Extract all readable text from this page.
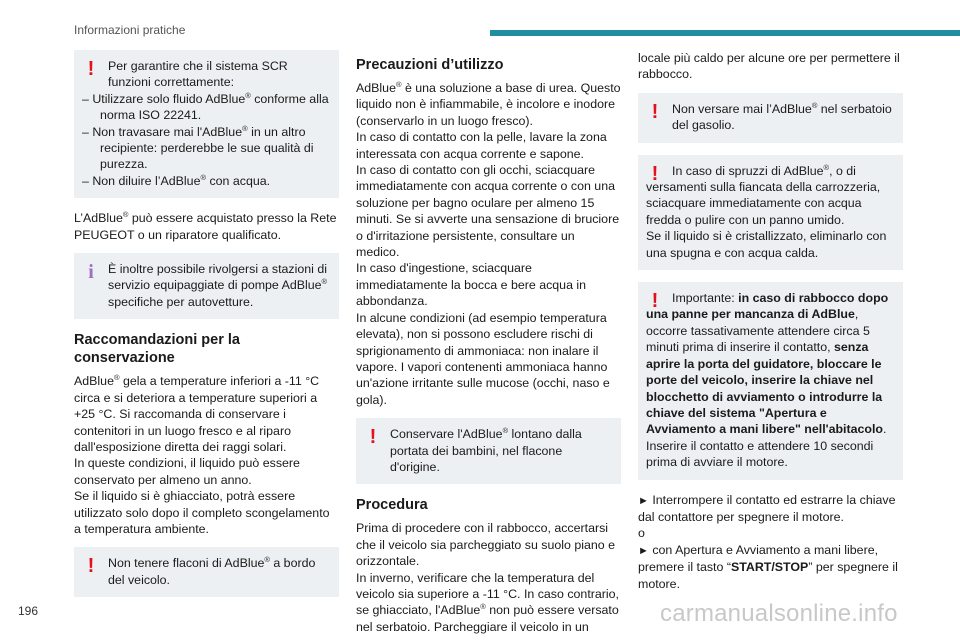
Informazioni pratiche
!	Per garantire che il sistema SCR funzioni correttamente:

– Utilizzare solo fluido AdBlue® conforme alla norma ISO 22241.

– Non travasare mai l'AdBlue® in un altro recipiente: perderebbe le sue qualità di purezza.

– Non diluire l’AdBlue® con acqua.

L’AdBlue® può essere acquistato presso la Rete PEUGEOT o un riparatore qualificato.

i	È inoltre possibile rivolgersi a stazioni di servizio equipaggiate di pompe AdBlue® specifiche per autovetture.
Raccomandazioni per la conservazione

AdBlue® gela a temperature inferiori a -11 °C circa e si deteriora a temperature superiori a +25 °C. Si raccomanda di conservare i contenitori in un luogo fresco e al riparo dall'esposizione diretta dei raggi solari.

In queste condizioni, il liquido può essere conservato per almeno un anno.

Se il liquido si è ghiacciato, potrà essere utilizzato solo dopo il completo scongelamento a temperatura ambiente.

!	Non tenere flaconi di AdBlue® a bordo del veicolo.
Precauzioni d’utilizzo

AdBlue® è una soluzione a base di urea. Questo liquido non è infiammabile, è incolore e inodore (conservarlo in un luogo fresco).

In caso di contatto con la pelle, lavare la zona interessata con acqua corrente e sapone.

In caso di contatto con gli occhi, sciacquare immediatamente con acqua corrente o con una soluzione per bagno oculare per almeno 15 minuti. Se si avverte una sensazione di bruciore o d'irritazione persistente, consultare un medico.

In caso d'ingestione, sciacquare immediatamente la bocca e bere acqua in abbondanza.

In alcune condizioni (ad esempio temperatura elevata), non si possono escludere rischi di sprigionamento di ammoniaca: non inalare il vapore. I vapori contenenti ammoniaca hanno un'azione irritante sulle mucose (occhi, naso e gola).

!	Conservare l'AdBlue® lontano dalla portata dei bambini, nel flacone d'origine.
Procedura

Prima di procedere con il rabbocco, accertarsi che il veicolo sia parcheggiato su suolo piano e orizzontale.

In inverno, verificare che la temperatura del veicolo sia superiore a -11 °C. In caso contrario, se ghiacciato, l'AdBlue® non può essere versato nel serbatoio. Parcheggiare il veicolo in un

locale più caldo per alcune ore per permettere il rabbocco.

!	Non versare mai l’AdBlue® nel serbatoio del gasolio.
!	In caso di spruzzi di AdBlue®, o di versamenti sulla fiancata della carrozzeria, sciacquare immediatamente con acqua fredda o pulire con un panno umido.

Se il liquido si è cristallizzato, eliminarlo con una spugna e con acqua calda.

!	Importante: in caso di rabbocco dopo una panne per mancanza di AdBlue, occorre tassativamente attendere circa 5 minuti prima di inserire il contatto, senza aprire la porta del guidatore, bloccare le porte del veicolo, inserire la chiave nel blocchetto di avviamento o introdurre la chiave del sistema "Apertura e Avviamento a mani libere" nell'abitacolo.

Inserire il contatto e attendere 10 secondi prima di avviare il motore.

► Interrompere il contatto ed estrarre la chiave dal contattore per spegnere il motore.

o

► con Apertura e Avviamento a mani libere, premere il tasto “START/STOP” per spegnere il motore.

196	carmanualsonline.info
